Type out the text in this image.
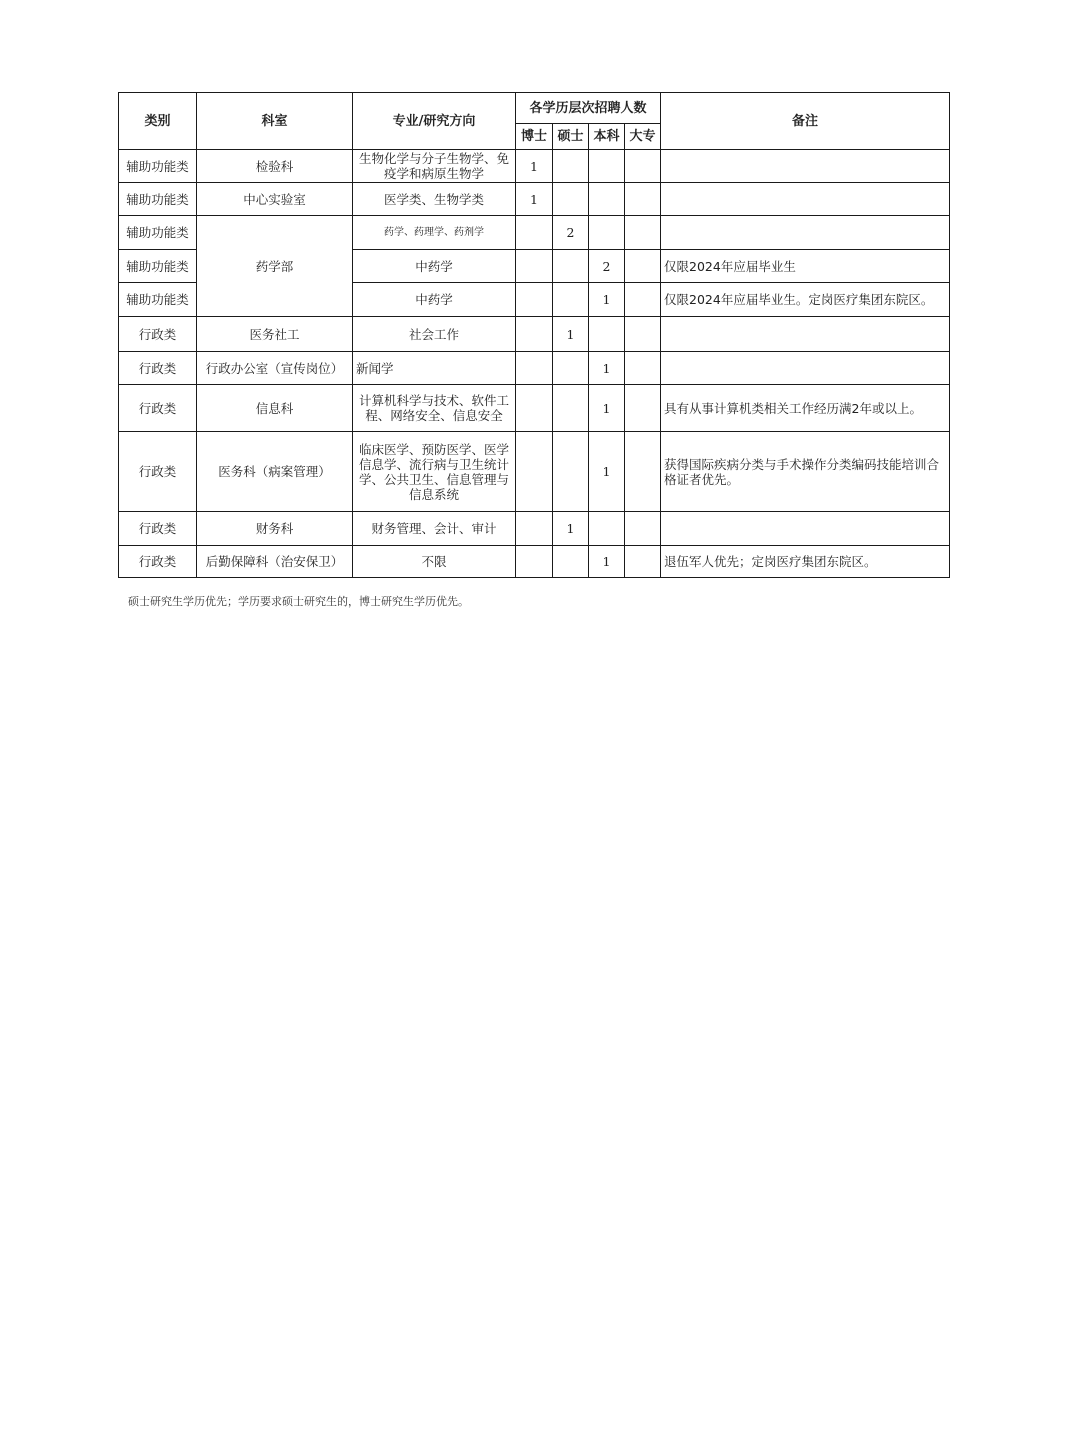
类别	科室	专业/研究方向	各学历层次招聘人数				备注
			博士	硕士	本科	大专	
辅助功能类	检验科	生物化学与分子生物学、免疫学和病原生物学	1				
辅助功能类	中心实验室	医学类、生物学类	1				
辅助功能类	药学部	药学、药理学、药剂学		2			
辅助功能类		中药学			2		仅限2024年应届毕业生
辅助功能类		中药学			1		仅限2024年应届毕业生。定岗医疗集团东院区。
行政类	医务社工	社会工作		1			
行政类	行政办公室（宣传岗位）	新闻学			1		
行政类	信息科	计算机科学与技术、软件工程、网络安全、信息安全			1		具有从事计算机类相关工作经历满2年或以上。
行政类	医务科（病案管理）	临床医学、预防医学、医学信息学、流行病与卫生统计学、公共卫生、信息管理与信息系统			1		获得国际疾病分类与手术操作分类编码技能培训合格证者优先。
行政类	财务科	财务管理、会计、审计		1			
行政类	后勤保障科（治安保卫）	不限			1		退伍军人优先；定岗医疗集团东院区。
硕士研究生学历优先；学历要求硕士研究生的，博士研究生学历优先。
